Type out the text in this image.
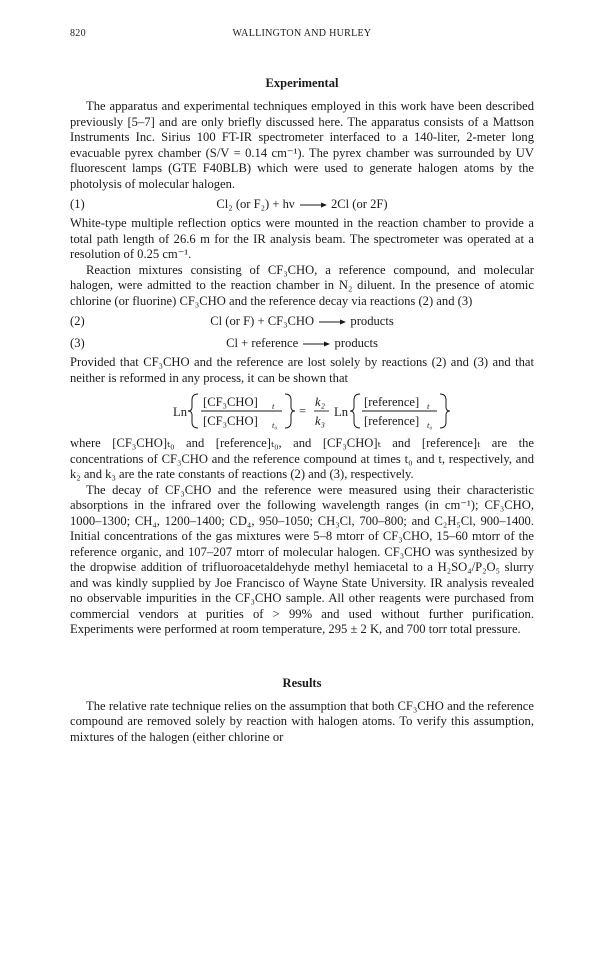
820	WALLINGTON AND HURLEY
Experimental

The apparatus and experimental techniques employed in this work have been described previously [5–7] and are only briefly discussed here. The apparatus consists of a Mattson Instruments Inc. Sirius 100 FT-IR spectrometer interfaced to a 140-liter, 2-meter long evacuable pyrex chamber (S/V = 0.14 cm⁻¹). The pyrex chamber was surrounded by UV fluorescent lamps (GTE F40BLB) which were used to generate halogen atoms by the photolysis of molecular halogen.

(1)	Cl₂ (or F₂) + hν → 2Cl (or 2F)

White-type multiple reflection optics were mounted in the reaction chamber to provide a total path length of 26.6 m for the IR analysis beam. The spectrometer was operated at a resolution of 0.25 cm⁻¹.

Reaction mixtures consisting of CF₃CHO, a reference compound, and molecular halogen, were admitted to the reaction chamber in N₂ diluent. In the presence of atomic chlorine (or fluorine) CF₃CHO and the reference decay via reactions (2) and (3)

(2)	Cl (or F) + CF₃CHO → products
(3)	Cl + reference → products

Provided that CF₃CHO and the reference are lost solely by reactions (2) and (3) and that neither is reformed in any process, it can be shown that

Ln
[CF₃CHO] t
[CF₃CHO] t₀
=
k₂
k₃
Ln
[reference] t
[reference] t₀

where [CF₃CHO]ₜ₀ and [reference]ₜ₀, and [CF₃CHO]ₜ and [reference]ₜ are the concentrations of CF₃CHO and the reference compound at times t₀ and t, respectively, and k₂ and k₃ are the rate constants of reactions (2) and (3), respectively.

The decay of CF₃CHO and the reference were measured using their characteristic absorptions in the infrared over the following wavelength ranges (in cm⁻¹); CF₃CHO, 1000–1300; CH₄, 1200–1400; CD₄, 950–1050; CH₃Cl, 700–800; and C₂H₅Cl, 900–1400. Initial concentrations of the gas mixtures were 5–8 mtorr of CF₃CHO, 15–60 mtorr of the reference organic, and 107–207 mtorr of molecular halogen. CF₃CHO was synthesized by the dropwise addition of trifluoroacetaldehyde methyl hemiacetal to a H₂SO₄/P₂O₅ slurry and was kindly supplied by Joe Francisco of Wayne State University. IR analysis revealed no observable impurities in the CF₃CHO sample. All other reagents were purchased from commercial vendors at purities of > 99% and used without further purification. Experiments were performed at room temperature, 295 ± 2 K, and 700 torr total pressure.

Results

The relative rate technique relies on the assumption that both CF₃CHO and the reference compound are removed solely by reaction with halogen atoms. To verify this assumption, mixtures of the halogen (either chlorine or
